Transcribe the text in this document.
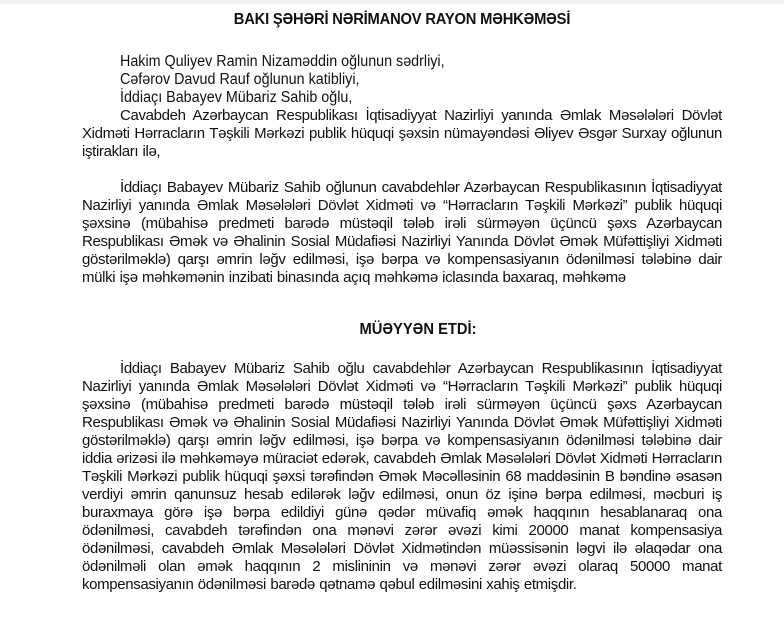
BAKI ŞƏHƏRİ NƏRİMANOV RAYON MƏHKƏMƏSİ
Hakim Quliyev Ramin Nizaməddin oğlunun sədrliyi,
Cəfərov Davud Rauf oğlunun katibliyi,
İddiaçı Babayev Mübariz Sahib oğlu,
Cavabdeh Azərbaycan Respublikası İqtisadiyyat Nazirliyi yanında Əmlak Məsələləri Dövlət Xidməti Hərracların Təşkili Mərkəzi publik hüquqi şəxsin nümayəndəsi Əliyev Əsgər Surxay oğlunun iştirakları ilə,
İddiaçı Babayev Mübariz Sahib oğlunun cavabdehlər Azərbaycan Respublikasının İqtisadiyyat Nazirliyi yanında Əmlak Məsələləri Dövlət Xidməti və “Hərracların Təşkili Mərkəzi” publik hüquqi şəxsinə (mübahisə predmeti barədə müstəqil tələb irəli sürməyən üçüncü şəxs Azərbaycan Respublikası Əmək və Əhalinin Sosial Müdafiəsi Nazirliyi Yanında Dövlət Əmək Müfəttişliyi Xidməti göstərilməklə) qarşı əmrin ləğv edilməsi, işə bərpa və kompensasiyanın ödənilməsi tələbinə dair mülki işə məhkəmənin inzibati binasında açıq məhkəmə iclasında baxaraq, məhkəmə
MÜƏYYƏN ETDİ:
İddiaçı Babayev Mübariz Sahib oğlu cavabdehlər Azərbaycan Respublikasının İqtisadiyyat Nazirliyi yanında Əmlak Məsələləri Dövlət Xidməti və “Hərracların Təşkili Mərkəzi” publik hüquqi şəxsinə (mübahisə predmeti barədə müstəqil tələb irəli sürməyən üçüncü şəxs Azərbaycan Respublikası Əmək və Əhalinin Sosial Müdafiəsi Nazirliyi Yanında Dövlət Əmək Müfəttişliyi Xidməti göstərilməklə) qarşı əmrin ləğv edilməsi, işə bərpa və kompensasiyanın ödənilməsi tələbinə dair iddia ərizəsi ilə məhkəməyə müraciət edərək, cavabdeh Əmlak Məsələləri Dövlət Xidməti Hərracların Təşkili Mərkəzi publik hüquqi şəxsi tərəfindən Əmək Məcəlləsinin 68 maddəsinin B bəndinə əsasən verdiyi əmrin qanunsuz hesab edilərək ləğv edilməsi, onun öz işinə bərpa edilməsi, məcburi iş buraxmaya görə işə bərpa edildiyi günə qədər müvafiq əmək haqqının hesablanaraq ona ödənilməsi, cavabdeh tərəfindən ona mənəvi zərər əvəzi kimi 20000 manat kompensasiya ödənilməsi, cavabdeh Əmlak Məsələləri Dövlət Xidmətindən müəssisənin ləgvi ilə əlaqədar ona ödənilməli olan əmək haqqının 2 mislininin və mənəvi zərər əvəzi olaraq 50000 manat kompensasiyanın ödənilməsi barədə qətnamə qəbul edilməsini xahiş etmişdir.
